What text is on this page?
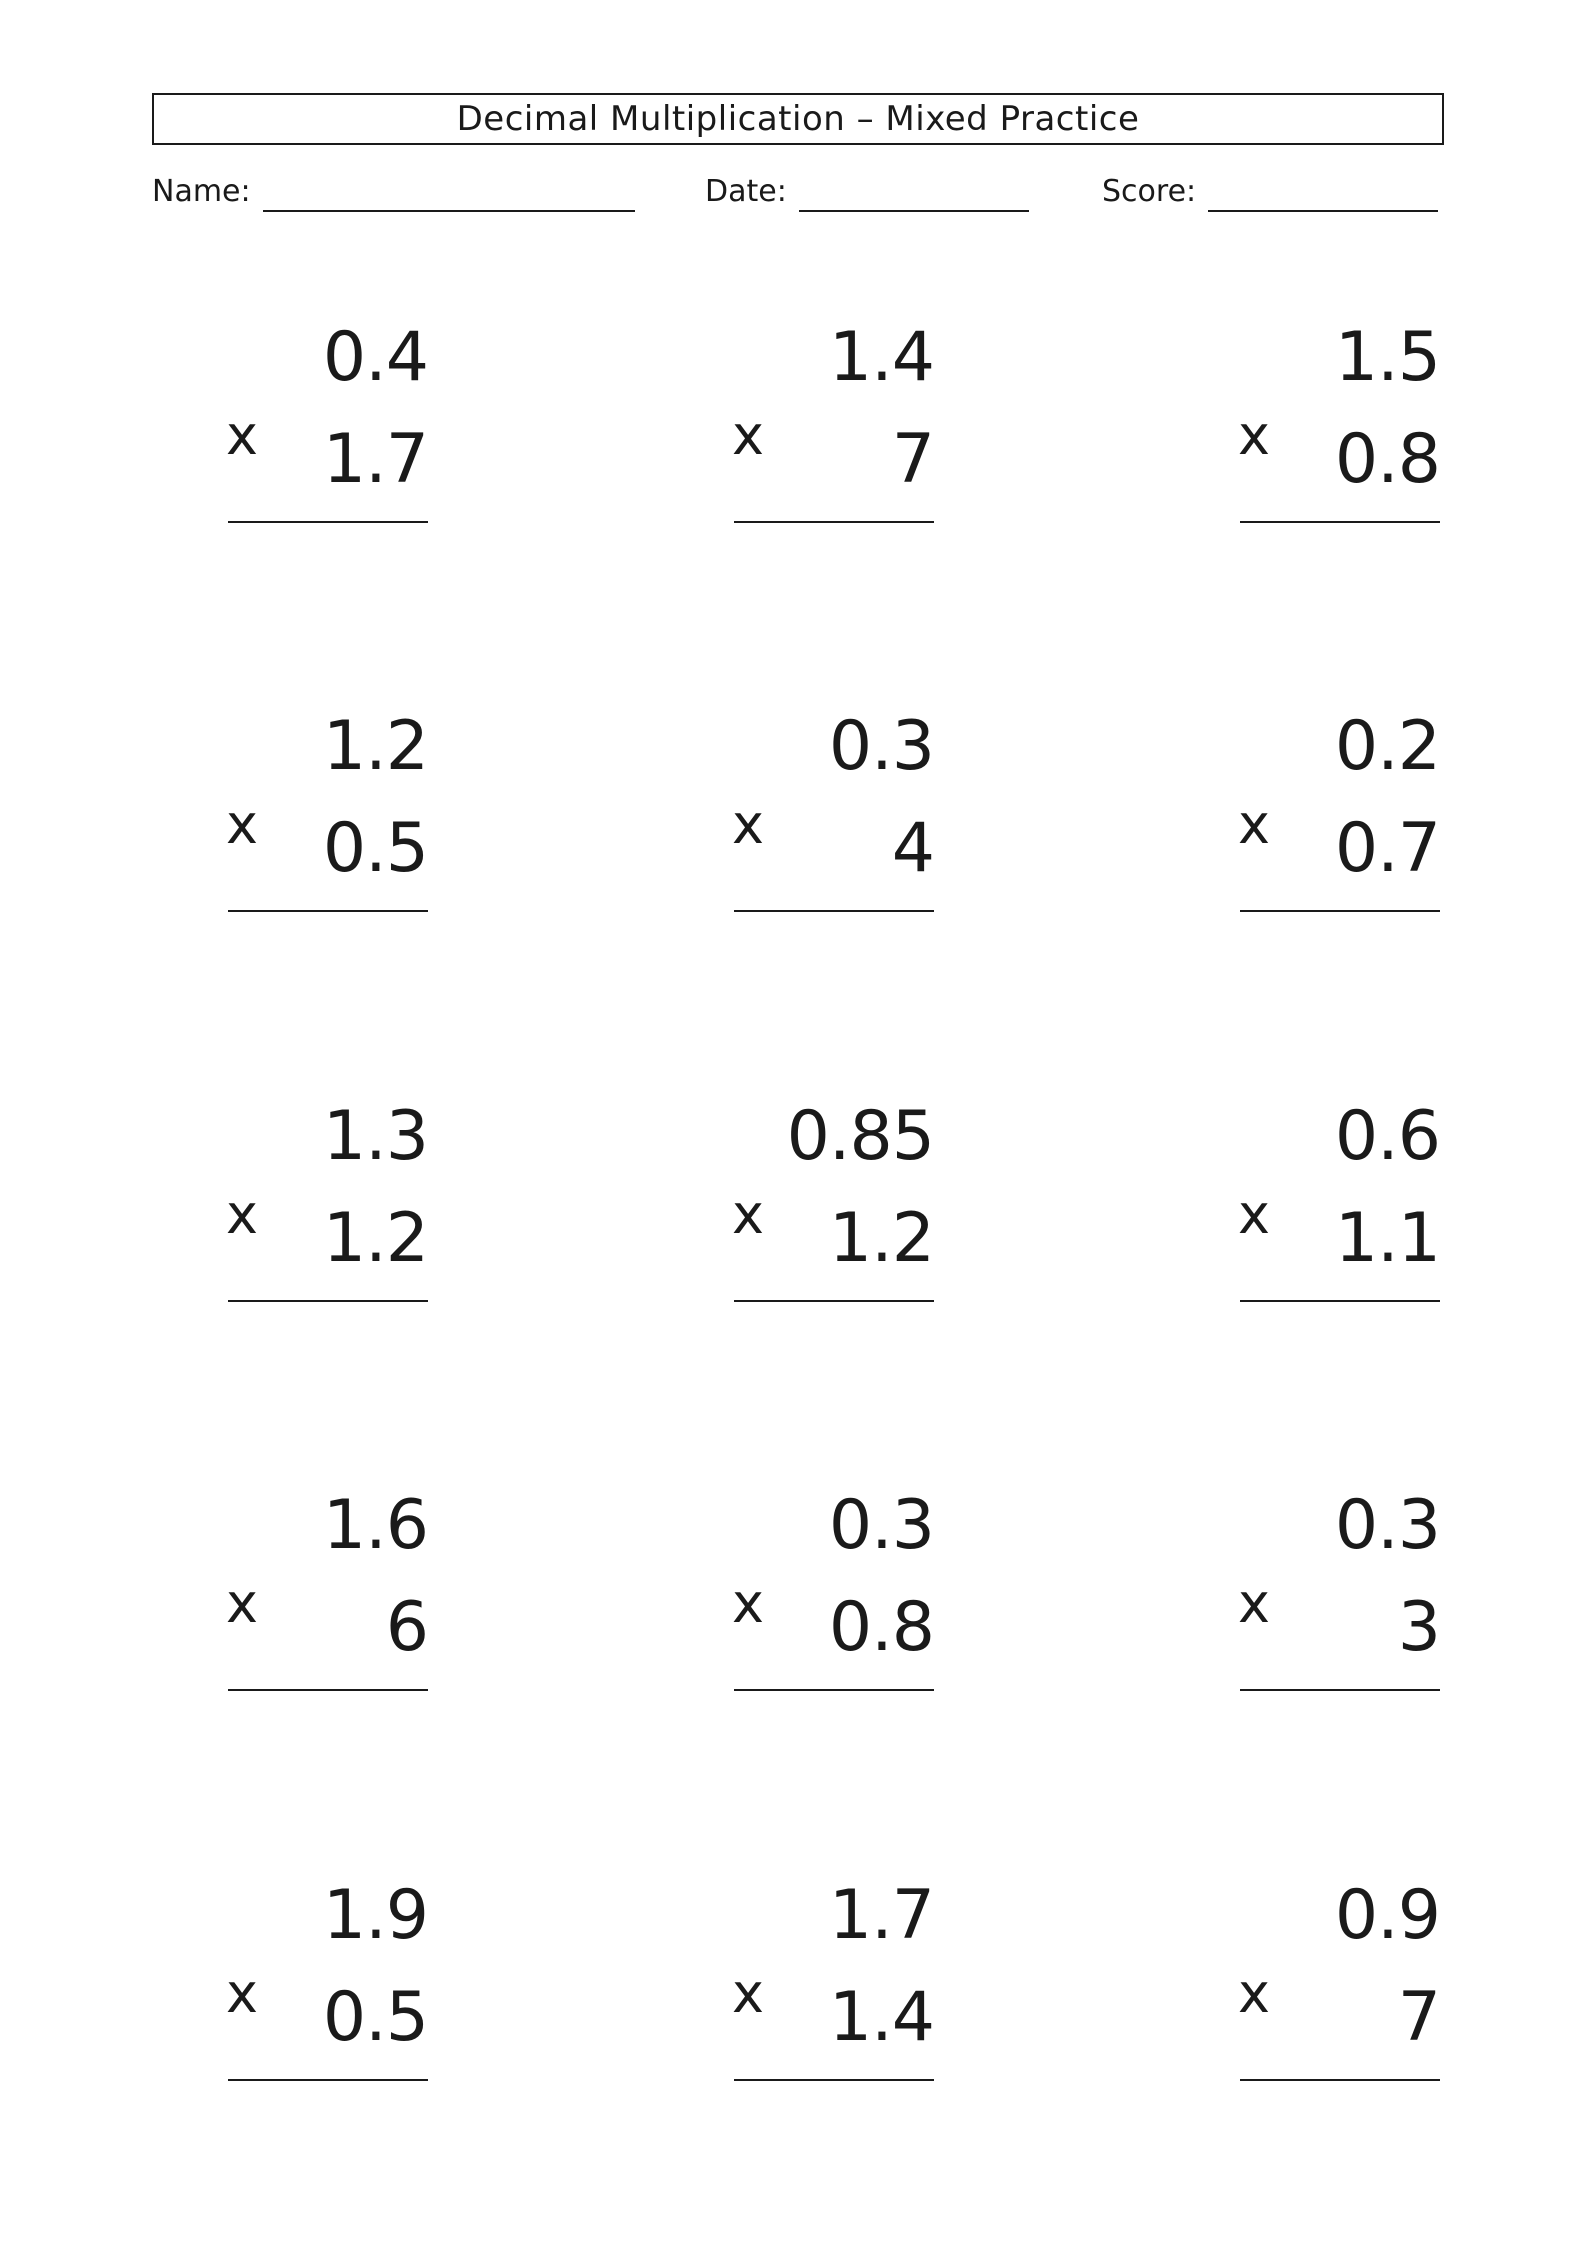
Decimal Multiplication – Mixed Practice
Name:	Date:	Score:
x
0.4
1.7	x
1.4
7	x
1.5
0.8
x
1.2
0.5	x
0.3
4	x
0.2
0.7
x
1.3
1.2	x
0.85
1.2	x
0.6
1.1
x
1.6
6	x
0.3
0.8	x
0.3
3
x
1.9
0.5	x
1.7
1.4	x
0.9
7
